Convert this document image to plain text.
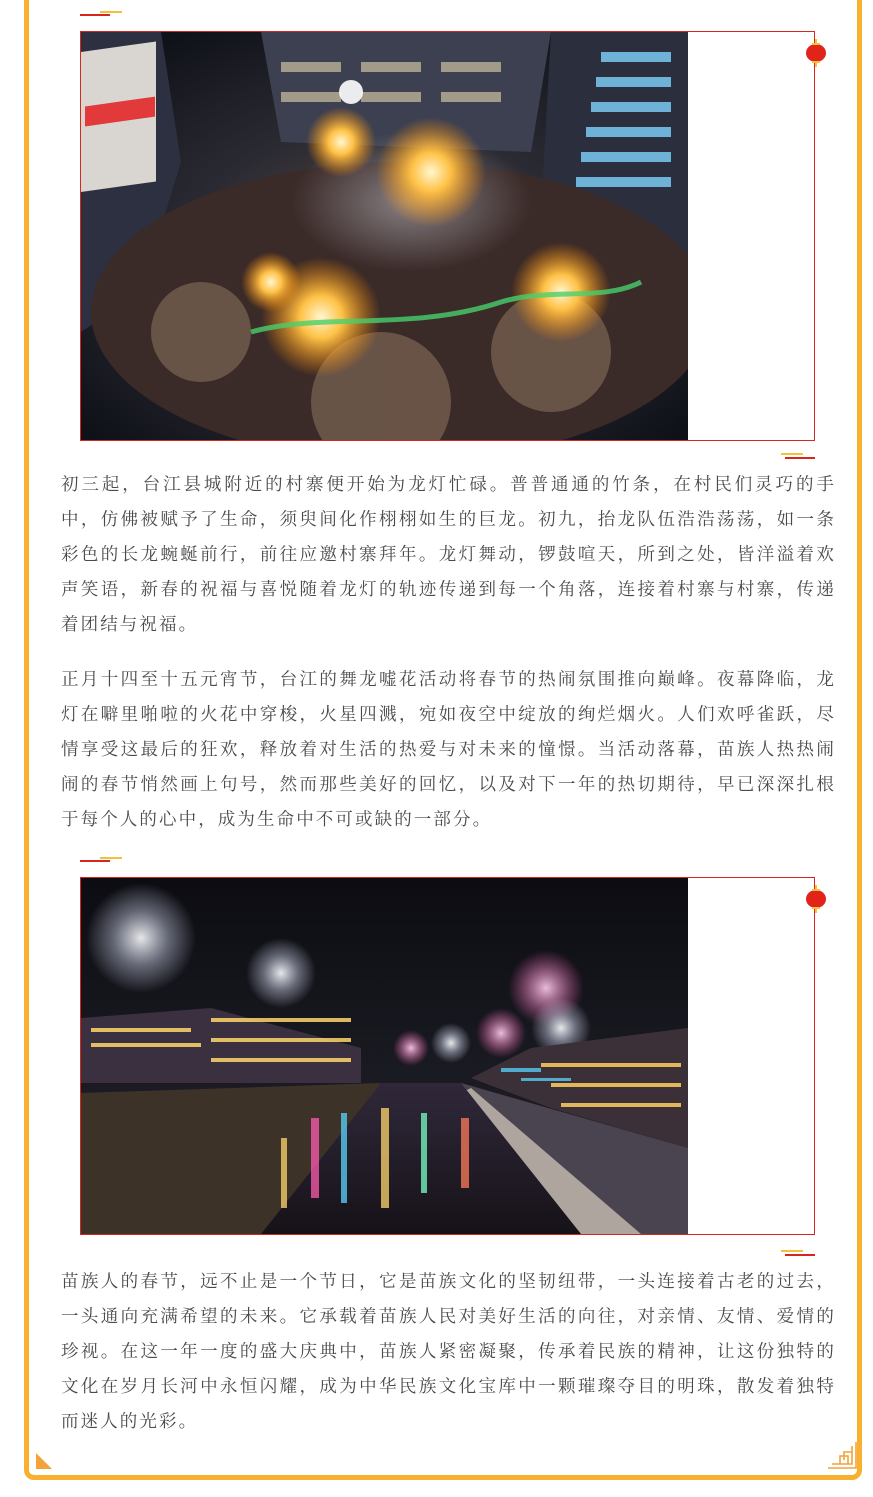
初三起，台江县城附近的村寨便开始为龙灯忙碌。普普通通的竹条，在村民们灵巧的手中，仿佛被赋予了生命，须臾间化作栩栩如生的巨龙。初九，抬龙队伍浩浩荡荡，如一条彩色的长龙蜿蜒前行，前往应邀村寨拜年。龙灯舞动，锣鼓喧天，所到之处，皆洋溢着欢声笑语，新春的祝福与喜悦随着龙灯的轨迹传递到每一个角落，连接着村寨与村寨，传递着团结与祝福。

正月十四至十五元宵节，台江的舞龙嘘花活动将春节的热闹氛围推向巅峰。夜幕降临，龙灯在噼里啪啦的火花中穿梭，火星四溅，宛如夜空中绽放的绚烂烟火。人们欢呼雀跃，尽情享受这最后的狂欢，释放着对生活的热爱与对未来的憧憬。当活动落幕，苗族人热热闹闹的春节悄然画上句号，然而那些美好的回忆，以及对下一年的热切期待，早已深深扎根于每个人的心中，成为生命中不可或缺的一部分。

苗族人的春节，远不止是一个节日，它是苗族文化的坚韧纽带，一头连接着古老的过去，一头通向充满希望的未来。它承载着苗族人民对美好生活的向往，对亲情、友情、爱情的珍视。在这一年一度的盛大庆典中，苗族人紧密凝聚，传承着民族的精神，让这份独特的文化在岁月长河中永恒闪耀，成为中华民族文化宝库中一颗璀璨夺目的明珠，散发着独特而迷人的光彩。
